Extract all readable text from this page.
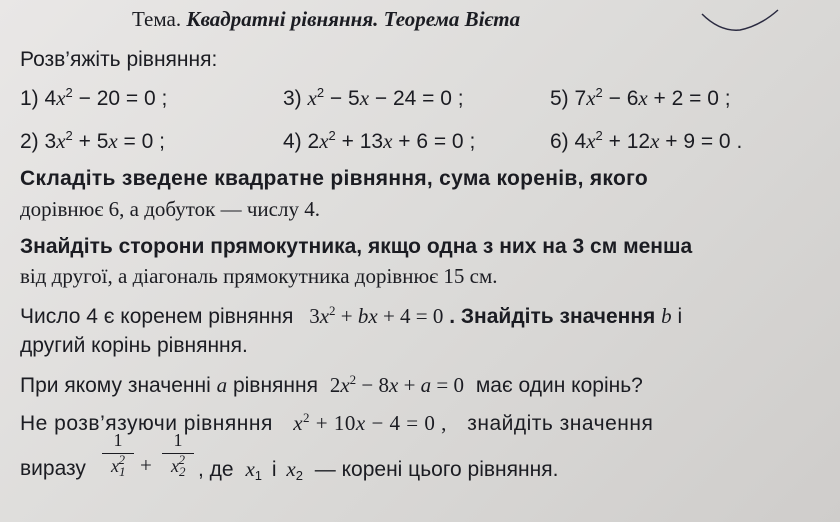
Тема. Квадратні рівняння. Теорема Вієта
Розв’яжіть рівняння:
1) $4x^2 - 20 = 0$ ;	3) $x^2 - 5x - 24 = 0$ ;	5) $7x^2 - 6x + 2 = 0$ ;
2) $3x^2 + 5x = 0$ ;	4) $2x^2 + 13x + 6 = 0$ ;	6) $4x^2 + 12x + 9 = 0$ .
Складіть зведене квадратне рівняння, сума коренів, якого
дорівнює 6, а добуток — числу 4.
Знайдіть сторони прямокутника, якщо одна з них на 3 см менша
від другої, а діагональ прямокутника дорівнює 15 см.
Число 4 є коренем рівняння $3x^2$ + bx + 4 = 0 . Знайдіть значення b і
другий корінь рівняння.
При якому значенні a рівняння $2x^2 - 8x + a = 0$ має один корінь?
Не розв’язуючи рівняння $x^2 + 10x - 4 = 0$ , знайдіть значення
виразу
1
$x_1^2$ +
1
$x_2^2$ , де $x_1$ і $x_2$ — корені цього рівняння.
